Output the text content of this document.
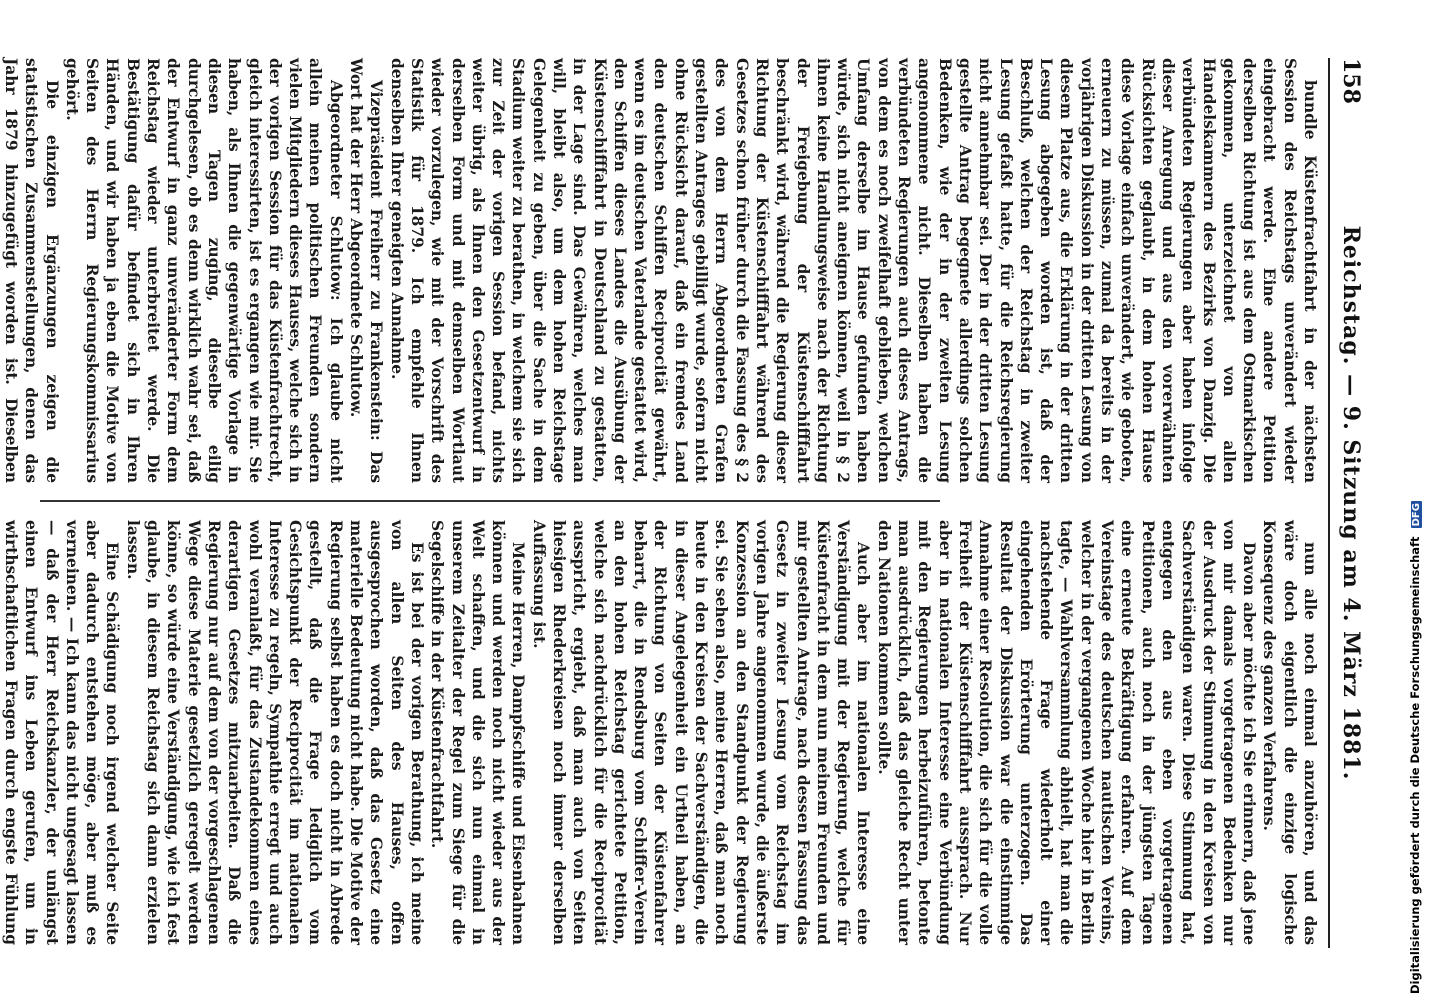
158
Reichstag. — 9. Sitzung am 4. März 1881.

bundle Küstenfrachtfahrt in der nächsten Session des Reichstags unverändert wieder eingebracht werde. Eine andere Petition derselben Richtung ist aus dem Ostmarkischen gekommen, unterzeichnet von allen Handelskammern des Bezirks von Danzig. Die verbündeten Regierungen aber haben infolge dieser Anregung und aus den vorerwähnten Rücksichten geglaubt, in dem hohen Hause diese Vorlage einfach unverändert, wie geboten, erneuern zu müssen, zumal da bereits in der vorjährigen Diskussion in der dritten Lesung von diesem Platze aus, die Erklärung in der dritten Lesung abgegeben worden ist, daß der Beschluß, welchen der Reichstag in zweiter Lesung gefaßt hatte, für die Reichsregierung nicht annehmbar sei. Der in der dritten Lesung gestellte Antrag begegnete allerdings solchen Bedenken, wie der in der zweiten Lesung angenommene nicht. Dieselben haben die verbündeten Regierungen auch dieses Antrags, von dem es noch zweifelhaft geblieben, welchen Umfang derselbe im Hause gefunden haben würde, sich nicht aneignen können, weil in § 2 ihnen keine Handlungsweise nach der Richtung der Freigebung der Küstenschifffahrt beschränkt wird, während die Regierung dieser Richtung der Küstenschifffahrt während des Gesetzes schon früher durch die Fassung des § 2 des von dem Herrn Abgeordneten Grafen gestellten Antrages gebilligt wurde, sofern nicht ohne Rücksicht darauf, daß ein fremdes Land den deutschen Schiffen Reciprocität gewährt, wenn es im deutschen Vaterlande gestattet wird, den Schiffen dieses Landes die Ausübung der Küstenschifffahrt in Deutschland zu gestatten, in der Lage sind. Das Gewähren, welches man will, bleibt also, um dem hohen Reichstage Gelegenheit zu geben, über die Sache in dem Stadium weiter zu berathen, in welchem sie sich zur Zeit der vorigen Session befand, nichts weiter übrig, als Ihnen den Gesetzentwurf in derselben Form und mit demselben Wortlaut wieder vorzulegen, wie mit der Vorschrift des Statistik für 1879. Ich empfehle Ihnen denselben Ihrer geneigten Annahme.

Vizepräsident Freiherr zu Frankenstein: Das Wort hat der Herr Abgeordnete Schlutow.

Abgeordneter Schlutow: Ich glaube nicht allein meinen politischen Freunden sondern vielen Mitgliedern dieses Hauses, welche sich in der vorigen Session für das Küstenfrachtrecht, gleich interessirten, ist es ergangen wie mir. Sie haben, als Ihnen die gegenwärtige Vorlage in diesen Tagen zuging, dieselbe eilig durchgelesen, ob es denn wirklich wahr sei, daß der Entwurf in ganz unveränderter Form dem Reichstag wieder unterbreitet werde. Die Bestätigung dafür befindet sich in Ihren Händen, und wir haben ja eben die Motive von Seiten des Herrn Regierungskommissarius gehört.

Die einzigen Ergänzungen zeigen die statistischen Zusammenstellungen, denen das Jahr 1879 hinzugefügt worden ist. Dieselben

nun alle noch einmal anzuhören, und das wäre doch eigentlich die einzige logische Konsequenz des ganzen Verfahrens.

Davon aber möchte ich Sie erinnern, daß jene von mir damals vorgetragenen Bedenken nur der Ausdruck der Stimmung in den Kreisen von Sachverständigen waren. Diese Stimmung hat, entgegen den aus eben vorgetragenen Petitionen, auch noch in der jüngsten Tagen eine erneute Bekräftigung erfahren. Auf dem Vereinstage des deutschen nautischen Vereins, welcher in der vergangenen Woche hier in Berlin tagte, — Wahlversammlung abhielt, hat man die nachstehende Frage wiederholt einer eingehenden Erörterung unterzogen. Das Resultat der Diskussion war die einstimmige Annahme einer Resolution, die sich für die volle Freiheit der Küstenschifffahrt aussprach. Nur aber in nationalen Interesse eine Verbündung mit den Regierungen herbeizuführen, betonte man ausdrücklich, daß das gleiche Recht unter den Nationen kommen sollte.

Auch aber im nationalen Interesse eine Verständigung mit der Regierung, welche für Küstenfracht in dem nun meinem Freunden und mir gestellten Antrage, nach dessen Fassung das Gesetz in zweiter Lesung vom Reichstag im vorigen Jahre angenommen wurde, die äußerste Konzession an den Standpunkt der Regierung sei. Sie sehen also, meine Herren, daß man noch heute in den Kreisen der Sachverständigen, die in dieser Angelegenheit ein Urtheil haben, an der Richtung von Seiten der Küstenfahrer beharrt, die in Rendsburg vom Schiffer-Verein an den hohen Reichstag gerichtete Petition, welche sich nachdrücklich für die Reciprocität ausspricht, ergiebt, daß man auch von Seiten hiesigen Rhederkreisen noch immer derselben Auffassung ist.

Meine Herren, Dampfschiffe und Eisenbahnen können und werden noch nicht wieder aus der Welt schaffen, und die sich nun einmal in unserem Zeitalter der Regel zum Siege für die Segelschiffe in der Küstenfrachtfahrt.

Es ist bei der vorigen Berathung, ich meine von allen Seiten des Hauses, offen ausgesprochen worden, daß das Gesetz eine materielle Bedeutung nicht habe. Die Motive der Regierung selbst haben es doch nicht in Abrede gestellt, daß die Frage lediglich vom Gesichtspunkt der Reciprocität im nationalen Interesse zu regeln, Sympathie erregt und auch wohl veranlaßt, für das Zustandekommen eines derartigen Gesetzes mitzuarbeiten. Daß die Regierung nur auf dem von der vorgeschlagenen Wege diese Materie gesetzlich geregelt werden könne, so würde eine Verständigung, wie ich fest glaube, in diesem Reichstag sich dann erzielen lassen.

Eine Schädigung noch irgend welcher Seite aber dadurch entstehen möge, aber muß es verneinen. — Ich kann das nicht ungesagt lassen — daß der Herr Reichskanzler, der unlängst einen Entwurf ins Leben gerufen, um in wirthschaftlichen Fragen durch engste Fühlung	Digitalisierung gefördert durch die Deutsche Forschungsgemeinschaft DFG
